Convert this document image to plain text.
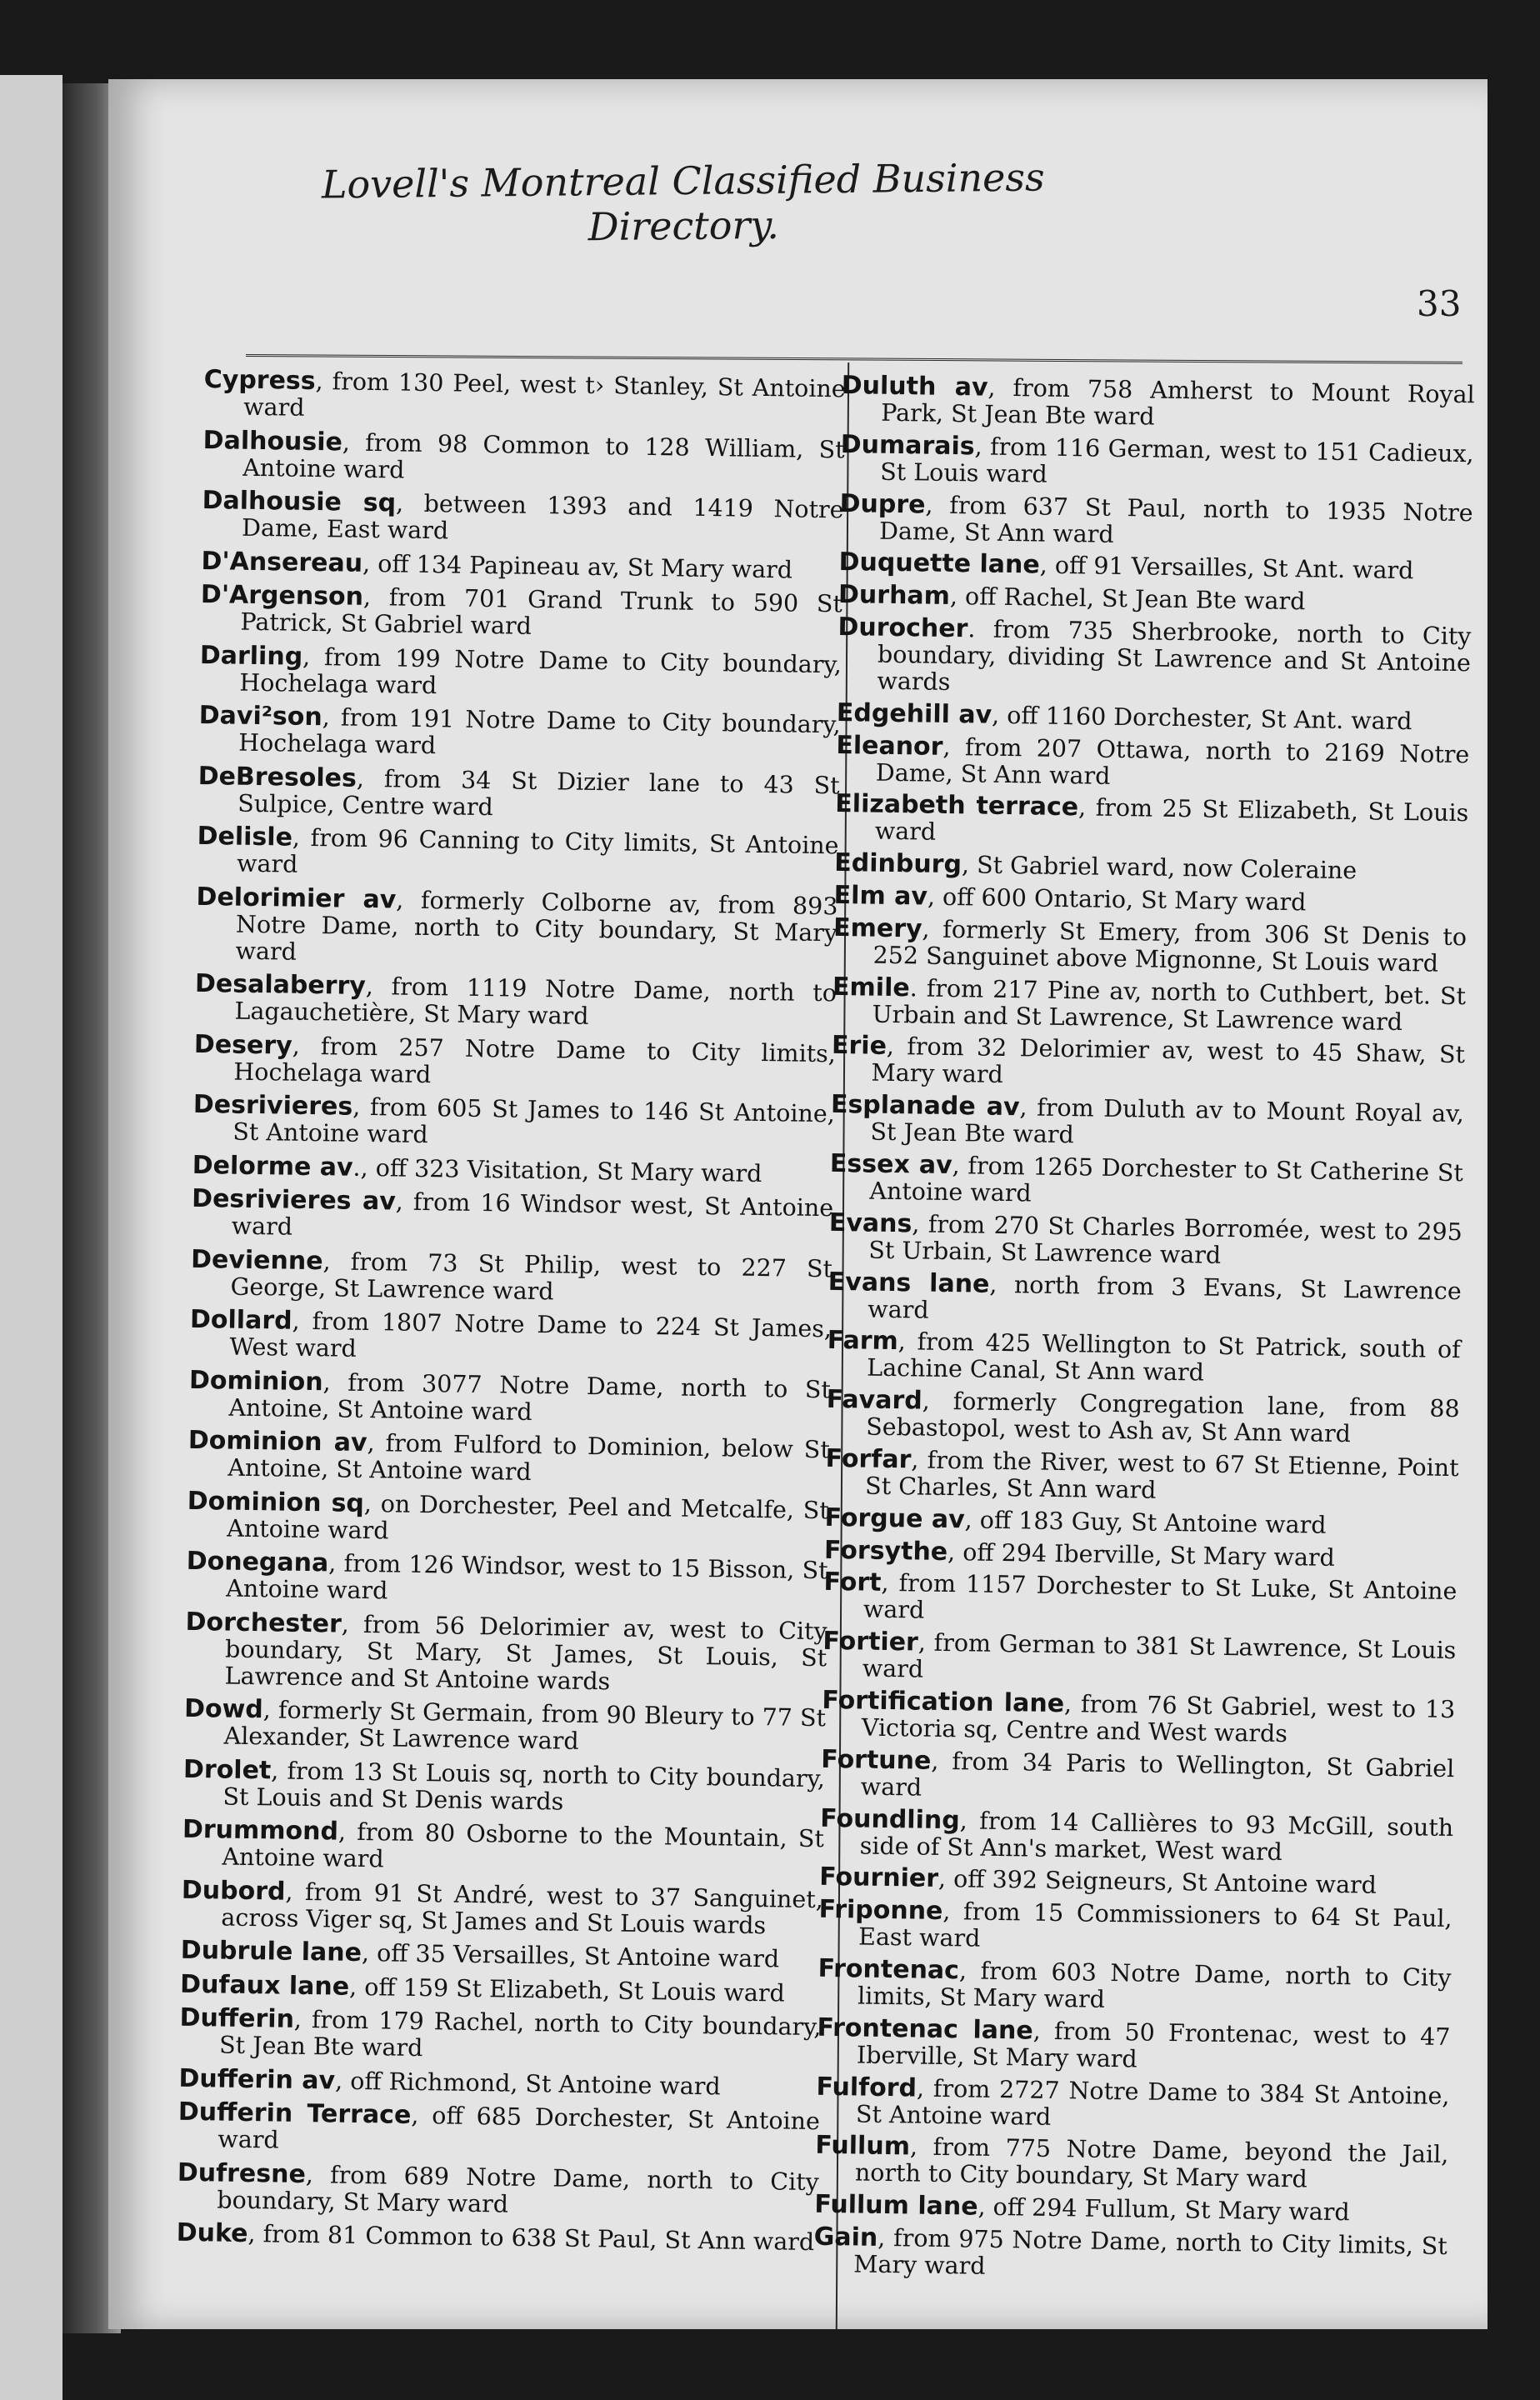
Lovell's Montreal Classified Business Directory.
33
Cypress, from 130 Peel, west t› Stanley, St Antoine ward
Dalhousie, from 98 Common to 128 William, St Antoine ward
Dalhousie sq, between 1393 and 1419 Notre Dame, East ward
D'Ansereau, off 134 Papineau av, St Mary ward
D'Argenson, from 701 Grand Trunk to 590 St Patrick, St Gabriel ward
Darling, from 199 Notre Dame to City boundary, Hochelaga ward
Davi²son, from 191 Notre Dame to City boundary, Hochelaga ward
DeBresoles, from 34 St Dizier lane to 43 St Sulpice, Centre ward
Delisle, from 96 Canning to City limits, St Antoine ward
Delorimier av, formerly Colborne av, from 893 Notre Dame, north to City boundary, St Mary ward
Desalaberry, from 1119 Notre Dame, north to Lagauchetière, St Mary ward
Desery, from 257 Notre Dame to City limits, Hochelaga ward
Desrivieres, from 605 St James to 146 St Antoine, St Antoine ward
Delorme av., off 323 Visitation, St Mary ward
Desrivieres av, from 16 Windsor west, St Antoine ward
Devienne, from 73 St Philip, west to 227 St George, St Lawrence ward
Dollard, from 1807 Notre Dame to 224 St James, West ward
Dominion, from 3077 Notre Dame, north to St Antoine, St Antoine ward
Dominion av, from Fulford to Dominion, below St Antoine, St Antoine ward
Dominion sq, on Dorchester, Peel and Metcalfe, St Antoine ward
Donegana, from 126 Windsor, west to 15 Bisson, St Antoine ward
Dorchester, from 56 Delorimier av, west to City boundary, St Mary, St James, St Louis, St Lawrence and St Antoine wards
Dowd, formerly St Germain, from 90 Bleury to 77 St Alexander, St Lawrence ward
Drolet, from 13 St Louis sq, north to City boundary, St Louis and St Denis wards
Drummond, from 80 Osborne to the Mountain, St Antoine ward
Dubord, from 91 St André, west to 37 Sanguinet, across Viger sq, St James and St Louis wards
Dubrule lane, off 35 Versailles, St Antoine ward
Dufaux lane, off 159 St Elizabeth, St Louis ward
Dufferin, from 179 Rachel, north to City boundary, St Jean Bte ward
Dufferin av, off Richmond, St Antoine ward
Dufferin Terrace, off 685 Dorchester, St Antoine ward
Dufresne, from 689 Notre Dame, north to City boundary, St Mary ward
Duke, from 81 Common to 638 St Paul, St Ann ward
Duluth av, from 758 Amherst to Mount Royal Park, St Jean Bte ward
Dumarais, from 116 German, west to 151 Cadieux, St Louis ward
Dupre, from 637 St Paul, north to 1935 Notre Dame, St Ann ward
Duquette lane, off 91 Versailles, St Ant. ward
Durham, off Rachel, St Jean Bte ward
Durocher. from 735 Sherbrooke, north to City boundary, dividing St Lawrence and St Antoine wards
Edgehill av, off 1160 Dorchester, St Ant. ward
Eleanor, from 207 Ottawa, north to 2169 Notre Dame, St Ann ward
Elizabeth terrace, from 25 St Elizabeth, St Louis ward
Edinburg, St Gabriel ward, now Coleraine
Elm av, off 600 Ontario, St Mary ward
Emery, formerly St Emery, from 306 St Denis to 252 Sanguinet above Mignonne, St Louis ward
Emile. from 217 Pine av, north to Cuthbert, bet. St Urbain and St Lawrence, St Lawrence ward
Erie, from 32 Delorimier av, west to 45 Shaw, St Mary ward
Esplanade av, from Duluth av to Mount Royal av, St Jean Bte ward
Essex av, from 1265 Dorchester to St Catherine St Antoine ward
Evans, from 270 St Charles Borromée, west to 295 St Urbain, St Lawrence ward
Evans lane, north from 3 Evans, St Lawrence ward
Farm, from 425 Wellington to St Patrick, south of Lachine Canal, St Ann ward
Favard, formerly Congregation lane, from 88 Sebastopol, west to Ash av, St Ann ward
Forfar, from the River, west to 67 St Etienne, Point St Charles, St Ann ward
Forgue av, off 183 Guy, St Antoine ward
Forsythe, off 294 Iberville, St Mary ward
Fort, from 1157 Dorchester to St Luke, St Antoine ward
Fortier, from German to 381 St Lawrence, St Louis ward
Fortification lane, from 76 St Gabriel, west to 13 Victoria sq, Centre and West wards
Fortune, from 34 Paris to Wellington, St Gabriel ward
Foundling, from 14 Callières to 93 McGill, south side of St Ann's market, West ward
Fournier, off 392 Seigneurs, St Antoine ward
Friponne, from 15 Commissioners to 64 St Paul, East ward
Frontenac, from 603 Notre Dame, north to City limits, St Mary ward
Frontenac lane, from 50 Frontenac, west to 47 Iberville, St Mary ward
Fulford, from 2727 Notre Dame to 384 St Antoine, St Antoine ward
Fullum, from 775 Notre Dame, beyond the Jail, north to City boundary, St Mary ward
Fullum lane, off 294 Fullum, St Mary ward
Gain, from 975 Notre Dame, north to City limits, St Mary ward
